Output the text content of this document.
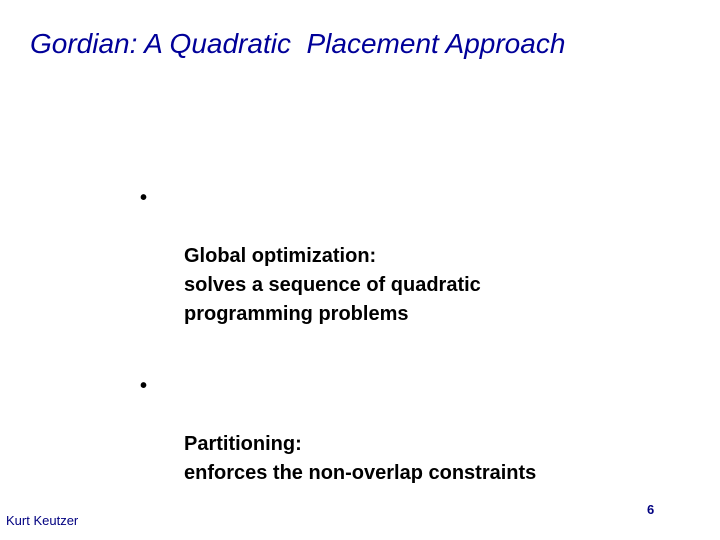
Gordian: A Quadratic  Placement Approach

•

Global optimization:
solves a sequence of quadratic
programming problems

•

Partitioning:
enforces the non-overlap constraints

Kurt Keutzer
6
